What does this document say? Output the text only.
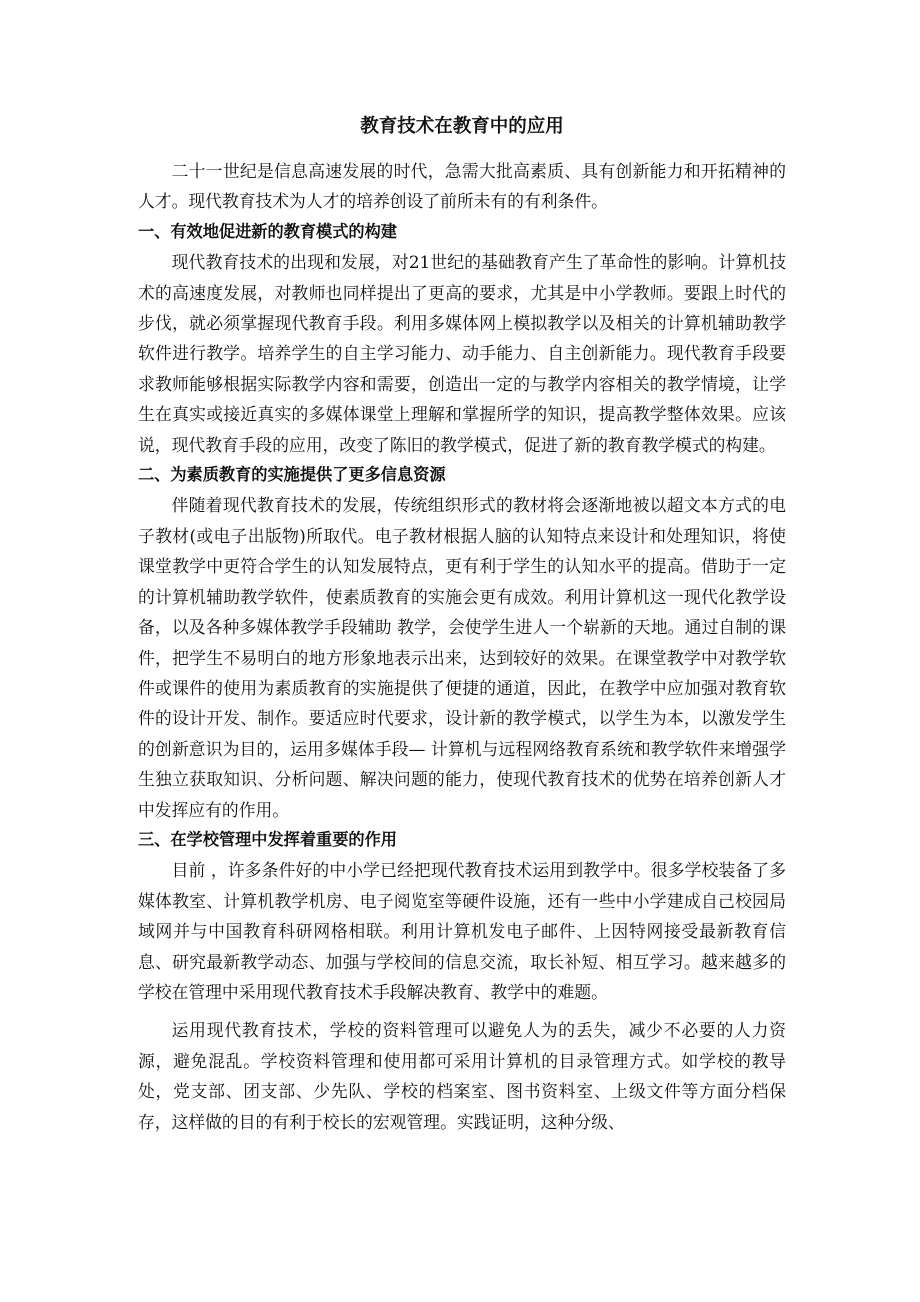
教育技术在教育中的应用

二十一世纪是信息高速发展的时代，急需大批高素质、具有创新能力和开拓精神的人才。现代教育技术为人才的培养创设了前所未有的有利条件。

一、有效地促进新的教育模式的构建

现代教育技术的出现和发展，对21世纪的基础教育产生了革命性的影响。计算机技术的高速度发展，对教师也同样提出了更高的要求，尤其是中小学教师。要跟上时代的步伐，就必须掌握现代教育手段。利用多媒体网上模拟教学以及相关的计算机辅助教学软件进行教学。培养学生的自主学习能力、动手能力、自主创新能力。现代教育手段要求教师能够根据实际教学内容和需要，创造出一定的与教学内容相关的教学情境，让学生在真实或接近真实的多媒体课堂上理解和掌握所学的知识，提高教学整体效果。应该说，现代教育手段的应用，改变了陈旧的教学模式，促进了新的教育教学模式的构建。

二、为素质教育的实施提供了更多信息资源

伴随着现代教育技术的发展，传统组织形式的教材将会逐渐地被以超文本方式的电子教材(或电子出版物)所取代。电子教材根据人脑的认知特点来设计和处理知识，将使课堂教学中更符合学生的认知发展特点，更有利于学生的认知水平的提高。借助于一定的计算机辅助教学软件，使素质教育的实施会更有成效。利用计算机这一现代化教学设备，以及各种多媒体教学手段辅助 教学，会使学生进人一个崭新的天地。通过自制的课件，把学生不易明白的地方形象地表示出来，达到较好的效果。在课堂教学中对教学软件或课件的使用为素质教育的实施提供了便捷的通道，因此，在教学中应加强对教育软件的设计开发、制作。要适应时代要求，设计新的教学模式，以学生为本，以激发学生的创新意识为目的，运用多媒体手段— 计算机与远程网络教育系统和教学软件来增强学生独立获取知识、分析问题、解决问题的能力，使现代教育技术的优势在培养创新人才中发挥应有的作用。

三、在学校管理中发挥着重要的作用

目前 ，许多条件好的中小学已经把现代教育技术运用到教学中。很多学校装备了多媒体教室、计算机教学机房、电子阅览室等硬件设施，还有一些中小学建成自己校园局域网并与中国教育科研网格相联。利用计算机发电子邮件、上因特网接受最新教育信息、研究最新教学动态、加强与学校间的信息交流，取长补短、相互学习。越来越多的学校在管理中采用现代教育技术手段解决教育、教学中的难题。

运用现代教育技术，学校的资料管理可以避免人为的丢失，减少不必要的人力资源，避免混乱。学校资料管理和使用都可采用计算机的目录管理方式。如学校的教导处，党支部、团支部、少先队、学校的档案室、图书资料室、上级文件等方面分档保存，这样做的目的有利于校长的宏观管理。实践证明，这种分级、
